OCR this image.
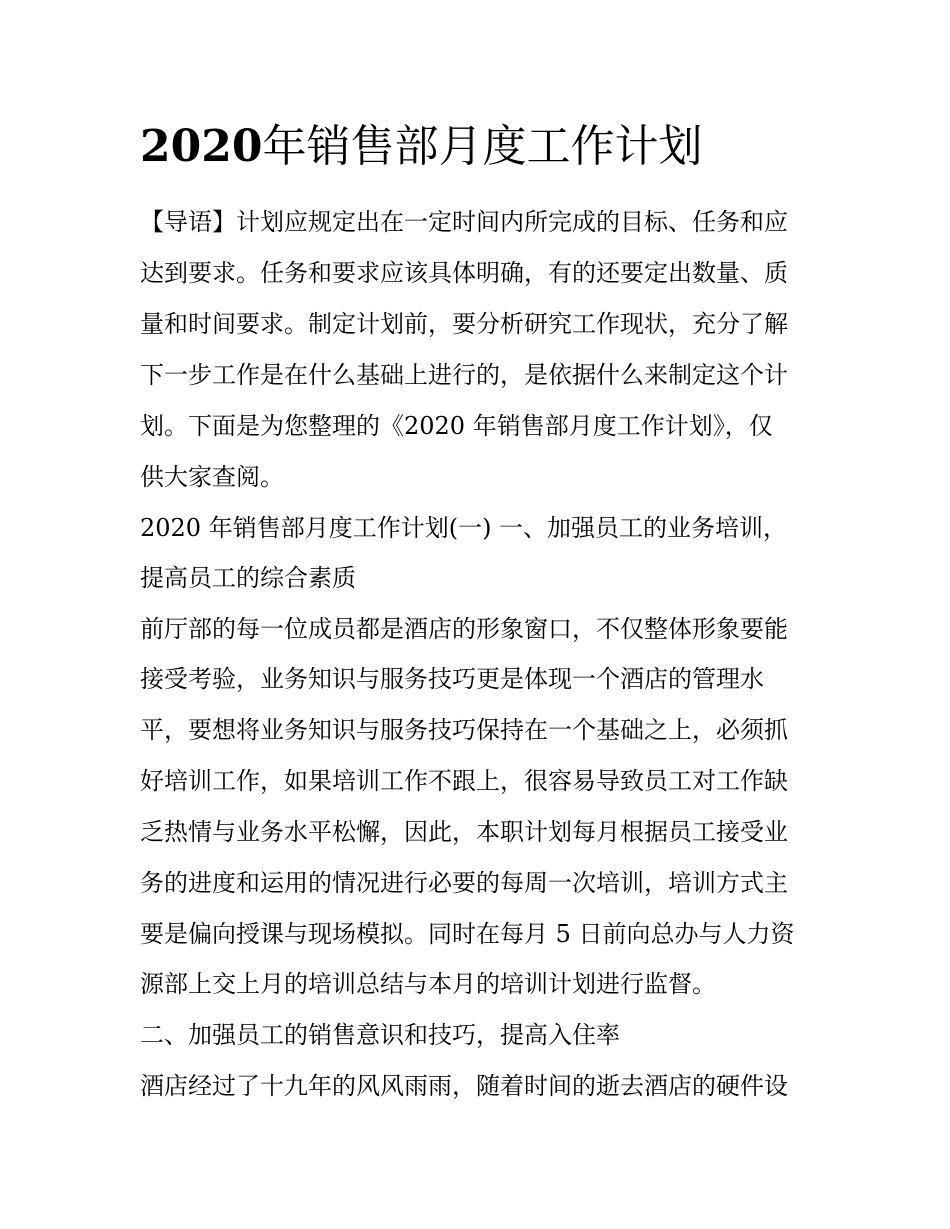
2020年销售部月度工作计划

【导语】计划应规定出在一定时间内所完成的目标、任务和应

达到要求。任务和要求应该具体明确，有的还要定出数量、质

量和时间要求。制定计划前，要分析研究工作现状，充分了解

下一步工作是在什么基础上进行的，是依据什么来制定这个计

划。下面是为您整理的《2020 年销售部月度工作计划》，仅

供大家查阅。

2020 年销售部月度工作计划(一) 一、加强员工的业务培训，

提高员工的综合素质

前厅部的每一位成员都是酒店的形象窗口，不仅整体形象要能

接受考验，业务知识与服务技巧更是体现一个酒店的管理水

平，要想将业务知识与服务技巧保持在一个基础之上，必须抓

好培训工作，如果培训工作不跟上，很容易导致员工对工作缺

乏热情与业务水平松懈，因此，本职计划每月根据员工接受业

务的进度和运用的情况进行必要的每周一次培训，培训方式主

要是偏向授课与现场模拟。同时在每月 5 日前向总办与人力资

源部上交上月的培训总结与本月的培训计划进行监督。

二、加强员工的销售意识和技巧，提高入住率

酒店经过了十九年的风风雨雨，随着时间的逝去酒店的硬件设
